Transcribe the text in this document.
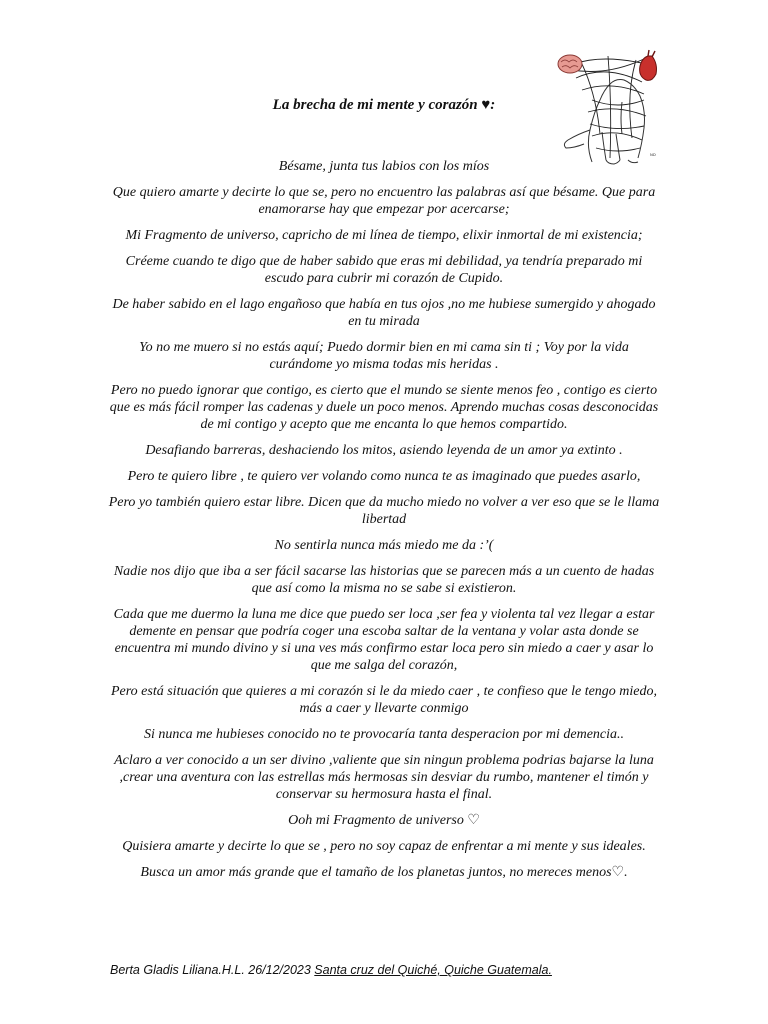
ᴺᴰ
La brecha de mi mente y corazón ♥:

Bésame, junta tus labios con los míos

Que quiero amarte y decirte lo que se, pero no encuentro las palabras así que bésame. Que para enamorarse hay que empezar por acercarse;

Mi Fragmento de universo, capricho de mi línea de tiempo, elixir inmortal de mi existencia;

Créeme cuando te digo que de haber sabido que eras mi debilidad, ya tendría preparado mi escudo para cubrir mi corazón de Cupido.

De haber sabido en el lago engañoso que había en tus ojos ,no me hubiese sumergido y ahogado en tu mirada

Yo no me muero si no estás aquí; Puedo dormir bien en mi cama sin ti ; Voy por la vida curándome yo misma todas mis heridas .

Pero no puedo ignorar que contigo, es cierto que el mundo se siente menos feo , contigo es cierto que es más fácil romper las cadenas y duele un poco menos. Aprendo muchas cosas desconocidas de mi contigo y acepto que me encanta lo que hemos compartido.

Desafiando barreras, deshaciendo los mitos, asiendo leyenda de un amor ya extinto .

Pero te quiero libre , te quiero ver volando como nunca te as imaginado que puedes asarlo,

Pero yo también quiero estar libre. Dicen que da mucho miedo no volver a ver eso que se le llama libertad

No sentirla nunca más miedo me da :’(

Nadie nos dijo que iba a ser fácil sacarse las historias que se parecen más a un cuento de hadas que así como la misma no se sabe si existieron.

Cada que me duermo la luna me dice que puedo ser loca ,ser fea y violenta tal vez llegar a estar demente en pensar que podría coger una escoba saltar de la ventana y volar asta donde se encuentra mi mundo divino y si una ves más confirmo estar loca pero sin miedo a caer y asar lo que me salga del corazón,

Pero está situación que quieres a mi corazón si le da miedo caer , te confieso que le tengo miedo, más a caer y llevarte conmigo

Si nunca me hubieses conocido no te provocaría tanta desperacion por mi demencia..

Aclaro a ver conocido a un ser divino ,valiente que sin ningun problema podrias bajarse la luna ,crear una aventura con las estrellas más hermosas sin desviar du rumbo, mantener el timón y conservar su hermosura hasta el final.

Ooh mi Fragmento de universo ♡

Quisiera amarte y decirte lo que se , pero no soy capaz de enfrentar a mi mente y sus ideales.

Busca un amor más grande que el tamaño de los planetas juntos, no mereces menos♡.

Berta Gladis Liliana.H.L. 26/12/2023 Santa cruz del Quiché, Quiche Guatemala.
